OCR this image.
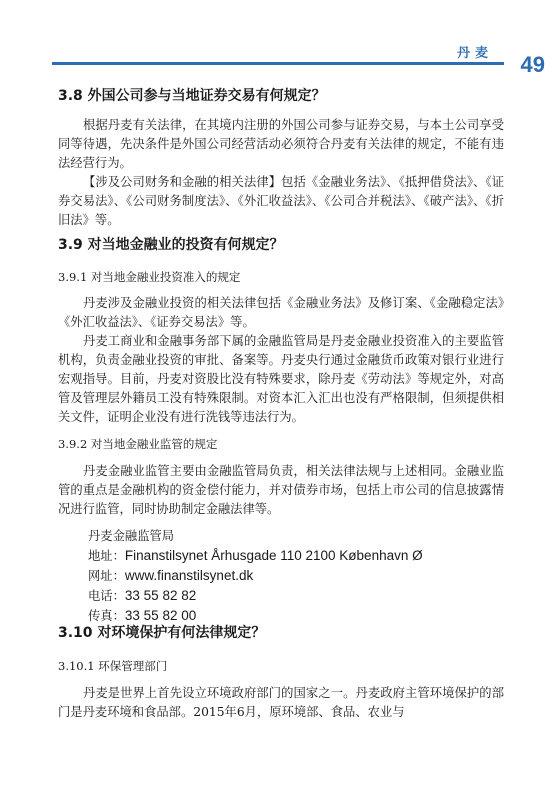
丹麦 49
3.8 外国公司参与当地证券交易有何规定？

根据丹麦有关法律，在其境内注册的外国公司参与证券交易，与本土公司享受同等待遇，先决条件是外国公司经营活动必须符合丹麦有关法律的规定，不能有违法经营行为。

【涉及公司财务和金融的相关法律】包括《金融业务法》、《抵押借贷法》、《证券交易法》、《公司财务制度法》、《外汇收益法》、《公司合并税法》、《破产法》、《折旧法》等。

3.9 对当地金融业的投资有何规定？
3.9.1 对当地金融业投资准入的规定

丹麦涉及金融业投资的相关法律包括《金融业务法》及修订案、《金融稳定法》《外汇收益法》、《证券交易法》等。

丹麦工商业和金融事务部下属的金融监管局是丹麦金融业投资准入的主要监管机构，负责金融业投资的审批、备案等。丹麦央行通过金融货币政策对银行业进行宏观指导。目前，丹麦对资股比没有特殊要求，除丹麦《劳动法》等规定外，对高管及管理层外籍员工没有特殊限制。对资本汇入汇出也没有严格限制，但须提供相关文件，证明企业没有进行洗钱等违法行为。

3.9.2 对当地金融业监管的规定

丹麦金融业监管主要由金融监管局负责，相关法律法规与上述相同。金融业监管的重点是金融机构的资金偿付能力，并对债券市场，包括上市公司的信息披露情况进行监管，同时协助制定金融法律等。

丹麦金融监管局
地址：Finanstilsynet Århusgade 110 2100 København Ø
网址：www.finanstilsynet.dk
电话：33 55 82 82
传真：33 55 82 00
3.10 对环境保护有何法律规定？
3.10.1 环保管理部门

丹麦是世界上首先设立环境政府部门的国家之一。丹麦政府主管环境保护的部门是丹麦环境和食品部。2015年6月，原环境部、食品、农业与
